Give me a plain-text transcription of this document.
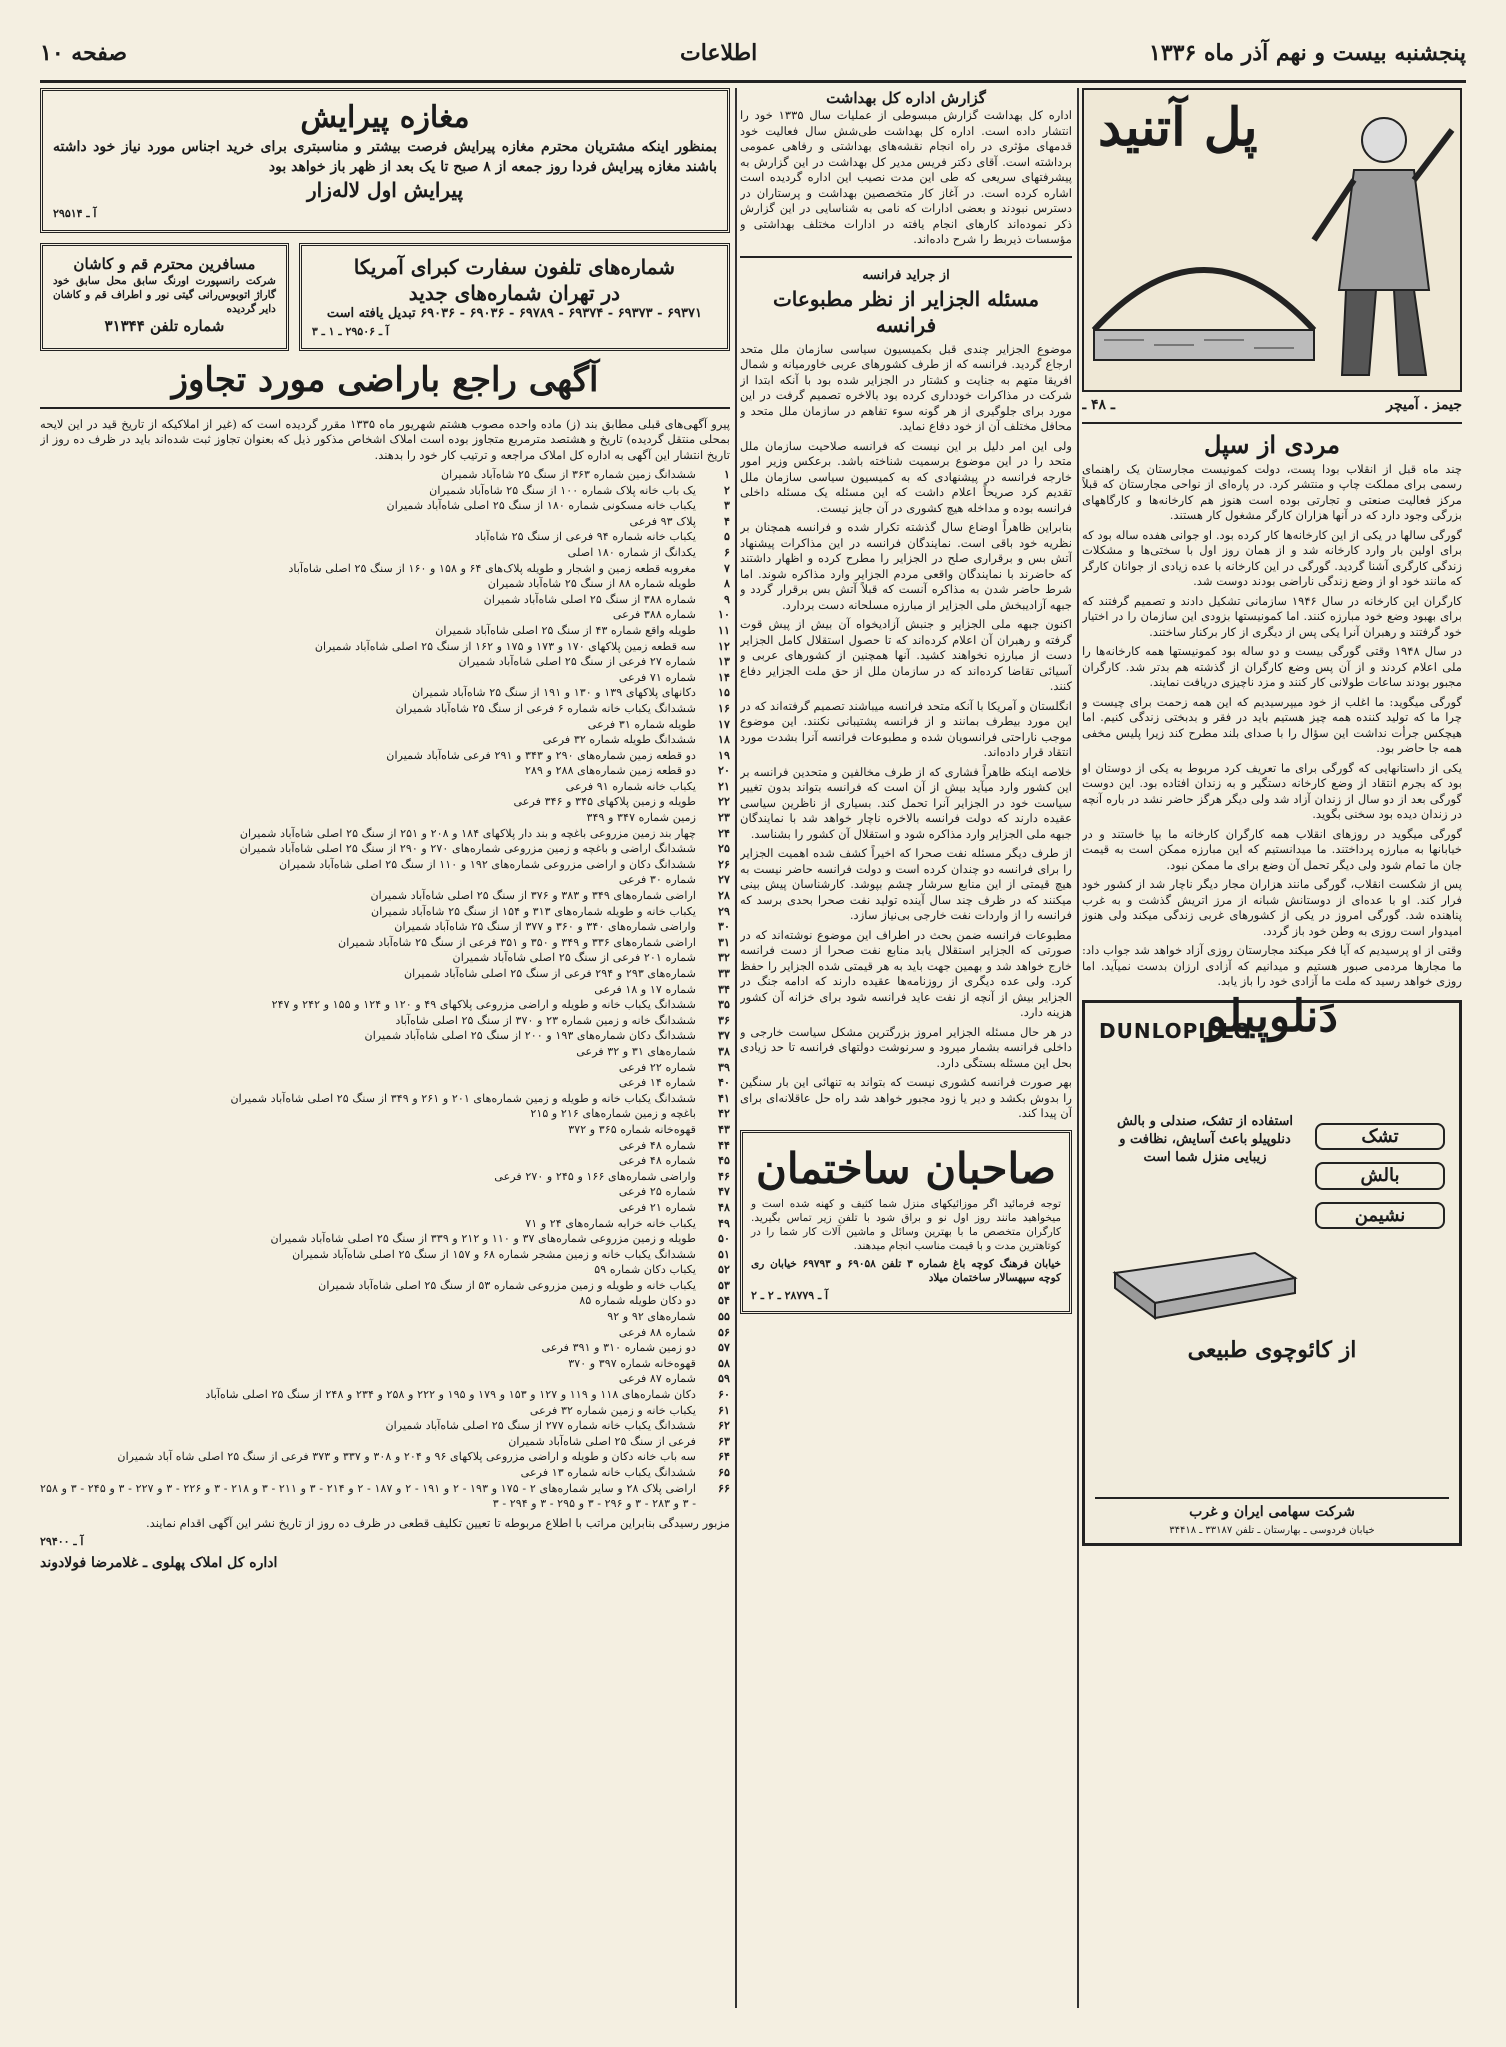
پنجشنبه بیست و نهم آذر ماه ۱۳۳۶
اطلاعات
صفحه ۱۰
مغازه پیرایش
بمنظور اینکه مشتریان محترم مغازه پیرایش فرصت بیشتر و مناسبتری برای خرید اجناس مورد نیاز خود داشته باشند مغازه پیرایش فردا روز جمعه از ۸ صبح تا یک بعد از ظهر باز خواهد بود
پیرایش اول لاله‌زار
آ ـ ۲۹۵۱۴
مسافرین محترم قم و کاشان
شرکت رانسپورت اورنگ سابق محل سابق خود گاراژ اتوبوس‌رانی گیتی نور و اطراف قم و کاشان دایر گردیده
شماره تلفن ۳۱۳۴۴
شماره‌های تلفون سفارت کبرای آمریکا
در تهران شماره‌های جدید
۶۹۳۷۱ - ۶۹۳۷۳ - ۶۹۳۷۴ - ۶۹۷۸۹ - ۶۹۰۳۶ - ۶۹۰۳۶ تبدیل یافته است
آ ـ ۲۹۵۰۶ ـ ۱ ـ ۳
آگهی راجع باراضی مورد تجاوز
پیرو آگهی‌های قبلی مطابق بند (ز) ماده واحده مصوب هشتم شهریور ماه ۱۳۳۵ مقرر گردیده است که (غیر از املاکیکه از تاریخ قید در این لایحه بمحلی منتقل گردیده) تاریخ و هشتصد مترمربع متجاوز بوده است املاک اشخاص مذکور ذیل که بعنوان تجاوز ثبت شده‌اند باید در ظرف ده روز از تاریخ انتشار این آگهی به اداره کل املاک مراجعه و ترتیب کار خود را بدهند.
۱
ششدانگ زمین شماره ۳۶۳ از سنگ ۲۵ شاه‌آباد شمیران
۲
یک باب خانه پلاک شماره ۱۰۰ از سنگ ۲۵ شاه‌آباد شمیران
۳
یکباب خانه مسکونی شماره ۱۸۰ از سنگ ۲۵ اصلی شاه‌آباد شمیران
۴
پلاک ۹۳ فرعی
۵
یکباب خانه شماره ۹۴ فرعی از سنگ ۲۵ شاه‌آباد
۶
یکدانگ از شماره ۱۸۰ اصلی
۷
مغروبه قطعه زمین و اشجار و طویله پلاک‌های ۶۴ و ۱۵۸ و ۱۶۰ از سنگ ۲۵ اصلی شاه‌آباد
۸
طویله شماره ۸۸ از سنگ ۲۵ شاه‌آباد شمیران
۹
شماره ۳۸۸ از سنگ ۲۵ اصلی شاه‌آباد شمیران
۱۰
شماره ۳۸۸ فرعی
۱۱
طویله واقع شماره ۴۳ از سنگ ۲۵ اصلی شاه‌آباد شمیران
۱۲
سه قطعه زمین پلاکهای ۱۷۰ و ۱۷۳ و ۱۷۵ و ۱۶۲ از سنگ ۲۵ اصلی شاه‌آباد شمیران
۱۳
شماره ۲۷ فرعی از سنگ ۲۵ اصلی شاه‌آباد شمیران
۱۴
شماره ۷۱ فرعی
۱۵
دکانهای پلاکهای ۱۳۹ و ۱۳۰ و ۱۹۱ از سنگ ۲۵ شاه‌آباد شمیران
۱۶
ششدانگ یکباب خانه شماره ۶ فرعی از سنگ ۲۵ شاه‌آباد شمیران
۱۷
طویله شماره ۳۱ فرعی
۱۸
ششدانگ طویله شماره ۳۲ فرعی
۱۹
دو قطعه زمین شماره‌های ۲۹۰ و ۳۴۳ و ۲۹۱ فرعی شاه‌آباد شمیران
۲۰
دو قطعه زمین شماره‌های ۲۸۸ و ۲۸۹
۲۱
یکباب خانه شماره ۹۱ فرعی
۲۲
طویله و زمین پلاکهای ۳۴۵ و ۳۴۶ فرعی
۲۳
زمین شماره ۳۴۷ و ۳۴۹
۲۴
چهار بند زمین مزروعی باغچه و بند دار پلاکهای ۱۸۴ و ۲۰۸ و ۲۵۱ از سنگ ۲۵ اصلی شاه‌آباد شمیران
۲۵
ششدانگ اراضی و باغچه و زمین مزروعی شماره‌های ۲۷۰ و ۲۹۰ از سنگ ۲۵ اصلی شاه‌آباد شمیران
۲۶
ششدانگ دکان و اراضی مزروعی شماره‌های ۱۹۲ و ۱۱۰ از سنگ ۲۵ اصلی شاه‌آباد شمیران
۲۷
شماره ۳۰ فرعی
۲۸
اراضی شماره‌های ۳۴۹ و ۳۸۳ و ۳۷۶ از سنگ ۲۵ اصلی شاه‌آباد شمیران
۲۹
یکباب خانه و طویله شماره‌های ۳۱۳ و ۱۵۴ از سنگ ۲۵ شاه‌آباد شمیران
۳۰
واراضی شماره‌های ۳۴۰ و ۳۶۰ و ۳۷۷ از سنگ ۲۵ شاه‌آباد شمیران
۳۱
اراضی شماره‌های ۳۳۶ و ۳۴۹ و ۳۵۰ و ۳۵۱ فرعی از سنگ ۲۵ شاه‌آباد شمیران
۳۲
شماره ۲۰۱ فرعی از سنگ ۲۵ اصلی شاه‌آباد شمیران
۳۳
شماره‌های ۲۹۳ و ۲۹۴ فرعی از سنگ ۲۵ اصلی شاه‌آباد شمیران
۳۴
شماره ۱۷ و ۱۸ فرعی
۳۵
ششدانگ یکباب خانه و طویله و اراضی مزروعی پلاکهای ۴۹ و ۱۲۰ و ۱۲۴ و ۱۵۵ و ۲۴۲ و ۲۴۷
۳۶
ششدانگ خانه و زمین شماره ۲۳ و ۳۷۰ از سنگ ۲۵ اصلی شاه‌آباد
۳۷
ششدانگ دکان شماره‌های ۱۹۳ و ۲۰۰ از سنگ ۲۵ اصلی شاه‌آباد شمیران
۳۸
شماره‌های ۳۱ و ۳۲ فرعی
۳۹
شماره ۲۲ فرعی
۴۰
شماره ۱۴ فرعی
۴۱
ششدانگ یکباب خانه و طویله و زمین شماره‌های ۲۰۱ و ۲۶۱ و ۳۴۹ از سنگ ۲۵ اصلی شاه‌آباد شمیران
۴۲
باغچه و زمین شماره‌های ۲۱۶ و ۲۱۵
۴۳
قهوه‌خانه شماره ۳۶۵ و ۳۷۲
۴۴
شماره ۴۸ فرعی
۴۵
شماره ۴۸ فرعی
۴۶
واراضی شماره‌های ۱۶۶ و ۲۴۵ و ۲۷۰ فرعی
۴۷
شماره ۲۵ فرعی
۴۸
شماره ۲۱ فرعی
۴۹
یکباب خانه خرابه شماره‌های ۲۴ و ۷۱
۵۰
طویله و زمین مزروعی شماره‌های ۳۷ و ۱۱۰ و ۲۱۲ و ۳۳۹ از سنگ ۲۵ اصلی شاه‌آباد شمیران
۵۱
ششدانگ یکباب خانه و زمین مشجر شماره ۶۸ و ۱۵۷ از سنگ ۲۵ اصلی شاه‌آباد شمیران
۵۲
یکباب دکان شماره ۵۹
۵۳
یکباب خانه و طویله و زمین مزروعی شماره ۵۳ از سنگ ۲۵ اصلی شاه‌آباد شمیران
۵۴
دو دکان طویله شماره ۸۵
۵۵
شماره‌های ۹۲ و ۹۲
۵۶
شماره ۸۸ فرعی
۵۷
دو زمین شماره ۳۱۰ و ۳۹۱ فرعی
۵۸
قهوه‌خانه شماره ۳۹۷ و ۳۷۰
۵۹
شماره ۸۷ فرعی
۶۰
دکان شماره‌های ۱۱۸ و ۱۱۹ و ۱۲۷ و ۱۵۳ و ۱۷۹ و ۱۹۵ و ۲۲۲ و ۲۵۸ و ۲۳۴ و ۲۴۸ از سنگ ۲۵ اصلی شاه‌آباد
۶۱
یکباب خانه و زمین شماره ۳۲ فرعی
۶۲
ششدانگ یکباب خانه شماره ۲۷۷ از سنگ ۲۵ اصلی شاه‌آباد شمیران
۶۳
فرعی از سنگ ۲۵ اصلی شاه‌آباد شمیران
۶۴
سه باب خانه دکان و طویله و اراضی مزروعی پلاکهای ۹۶ و ۲۰۴ و ۳۰۸ و ۳۳۷ و ۳۷۳ فرعی از سنگ ۲۵ اصلی شاه آباد شمیران
۶۵
ششدانگ یکباب خانه شماره ۱۳ فرعی
۶۶
اراضی پلاک ۲۸ و سایر شماره‌های ۲ - ۱۷۵ و ۱۹۳ - ۲ و ۱۹۱ - ۲ و ۱۸۷ - ۲ و ۲۱۴ - ۳ و ۲۱۱ - ۳ و ۲۱۸ - ۳ و ۲۲۶ - ۳ و ۲۲۷ - ۳ و ۲۴۵ - ۳ و ۲۵۸ - ۳ و ۲۸۳ - ۳ و ۲۹۶ - ۳ و ۲۹۵ - ۳ و ۲۹۴ - ۳
مزبور رسیدگی بنابراین مراتب با اطلاع مربوطه تا تعیین تکلیف قطعی در ظرف ده روز از تاریخ نشر این آگهی اقدام نمایند.
آ ـ ۲۹۴۰۰
اداره کل املاک پهلوی ـ غلامرضا فولادوند
گزارش اداره کل بهداشت
اداره کل بهداشت گزارش مبسوطی از عملیات سال ۱۳۳۵ خود را انتشار داده است. اداره کل بهداشت طی‌شش سال فعالیت خود قدمهای مؤثری در راه انجام نقشه‌های بهداشتی و رفاهی عمومی برداشته است. آقای دکتر فریس مدیر کل بهداشت در این گزارش به پیشرفتهای سریعی که طی این مدت نصیب این اداره گردیده است اشاره کرده است. در آغاز کار متخصصین بهداشت و پرستاران در دسترس نبودند و بعضی ادارات که نامی به شناسایی در این گزارش ذکر نموده‌اند کارهای انجام یافته در ادارات مختلف بهداشتی و مؤسسات ذیربط را شرح داده‌اند.
از جراید فرانسه
مسئله الجزایر از نظر مطبوعات فرانسه
موضوع الجزایر چندی قبل بکمیسیون سیاسی سازمان ملل متحد ارجاع گردید. فرانسه که از طرف کشورهای عربی خاورمیانه و شمال افریقا متهم به جنایت و کشتار در الجزایر شده بود با آنکه ابتدا از شرکت در مذاکرات خودداری کرده بود بالاخره تصمیم گرفت در این مورد برای جلوگیری از هر گونه سوء تفاهم در سازمان ملل متحد و محافل مختلف آن از خود دفاع نماید.
ولی این امر دلیل بر این نیست که فرانسه صلاحیت سازمان ملل متحد را در این موضوع برسمیت شناخته باشد. برعکس وزیر امور خارجه فرانسه در پیشنهادی که به کمیسیون سیاسی سازمان ملل تقدیم کرد صریحاً اعلام داشت که این مسئله یک مسئله داخلی فرانسه بوده و مداخله هیچ کشوری در آن جایز نیست.
بنابراین ظاهراً اوضاع سال گذشته تکرار شده و فرانسه همچنان بر نظریه خود باقی است. نمایندگان فرانسه در این مذاکرات پیشنهاد آتش بس و برقراری صلح در الجزایر را مطرح کرده و اظهار داشتند که حاضرند با نمایندگان واقعی مردم الجزایر وارد مذاکره شوند. اما شرط حاضر شدن به مذاکره آنست که قبلاً آتش بس برقرار گردد و جبهه آزادیبخش ملی الجزایر از مبارزه مسلحانه دست بردارد.
اکنون جبهه ملی الجزایر و جنبش آزادیخواه آن بیش از پیش قوت گرفته و رهبران آن اعلام کرده‌اند که تا حصول استقلال کامل الجزایر دست از مبارزه نخواهند کشید. آنها همچنین از کشورهای عربی و آسیائی تقاضا کرده‌اند که در سازمان ملل از حق ملت الجزایر دفاع کنند.
انگلستان و آمریکا با آنکه متحد فرانسه میباشند تصمیم گرفته‌اند که در این مورد بیطرف بمانند و از فرانسه پشتیبانی نکنند. این موضوع موجب ناراحتی فرانسویان شده و مطبوعات فرانسه آنرا بشدت مورد انتقاد قرار داده‌اند.
خلاصه اینکه ظاهراً فشاری که از طرف مخالفین و متحدین فرانسه بر این کشور وارد میآید بیش از آن است که فرانسه بتواند بدون تغییر سیاست خود در الجزایر آنرا تحمل کند. بسیاری از ناظرین سیاسی عقیده دارند که دولت فرانسه بالاخره ناچار خواهد شد با نمایندگان جبهه ملی الجزایر وارد مذاکره شود و استقلال آن کشور را بشناسد.
از طرف دیگر مسئله نفت صحرا که اخیراً کشف شده اهمیت الجزایر را برای فرانسه دو چندان کرده است و دولت فرانسه حاضر نیست به هیچ قیمتی از این منابع سرشار چشم بپوشد. کارشناسان پیش بینی میکنند که در ظرف چند سال آینده تولید نفت صحرا بحدی برسد که فرانسه را از واردات نفت خارجی بی‌نیاز سازد.
مطبوعات فرانسه ضمن بحث در اطراف این موضوع نوشته‌اند که در صورتی که الجزایر استقلال یابد منابع نفت صحرا از دست فرانسه خارج خواهد شد و بهمین جهت باید به هر قیمتی شده الجزایر را حفظ کرد. ولی عده دیگری از روزنامه‌ها عقیده دارند که ادامه جنگ در الجزایر بیش از آنچه از نفت عاید فرانسه شود برای خزانه آن کشور هزینه دارد.
در هر حال مسئله الجزایر امروز بزرگترین مشکل سیاست خارجی و داخلی فرانسه بشمار میرود و سرنوشت دولتهای فرانسه تا حد زیادی بحل این مسئله بستگی دارد.
بهر صورت فرانسه کشوری نیست که بتواند به تنهائی این بار سنگین را بدوش بکشد و دیر یا زود مجبور خواهد شد راه حل عاقلانه‌ای برای آن پیدا کند.
صاحبان ساختمان
توجه فرمائید اگر موزائیکهای منزل شما کثیف و کهنه شده است و میخواهید مانند روز اول نو و براق شود با تلفن زیر تماس بگیرید. کارگران متخصص ما با بهترین وسائل و ماشین آلات کار شما را در کوتاهترین مدت و با قیمت مناسب انجام میدهند.
خیابان فرهنگ کوچه باغ شماره ۳ تلفن ۶۹۰۵۸ و ۶۹۷۹۳ خیابان ری کوچه سپهسالار ساختمان میلاد
آ ـ ۲۸۷۷۹ ـ ۲ ـ ۲
پل آتنید
جیمز . آمیچر
ـ ۴۸ ـ
مردی از سپل
چند ماه قبل از انقلاب بودا پست، دولت کمونیست مجارستان یک راهنمای رسمی برای مملکت چاپ و منتشر کرد. در پاره‌ای از نواحی مجارستان که قبلاً مرکز فعالیت صنعتی و تجارتی بوده است هنوز هم کارخانه‌ها و کارگاههای بزرگی وجود دارد که در آنها هزاران کارگر مشغول کار هستند.
گورگی سالها در یکی از این کارخانه‌ها کار کرده بود. او جوانی هفده ساله بود که برای اولین بار وارد کارخانه شد و از همان روز اول با سختی‌ها و مشکلات زندگی کارگری آشنا گردید. گورگی در این کارخانه با عده زیادی از جوانان کارگر که مانند خود او از وضع زندگی ناراضی بودند دوست شد.
کارگران این کارخانه در سال ۱۹۴۶ سازمانی تشکیل دادند و تصمیم گرفتند که برای بهبود وضع خود مبارزه کنند. اما کمونیستها بزودی این سازمان را در اختیار خود گرفتند و رهبران آنرا یکی پس از دیگری از کار برکنار ساختند.
در سال ۱۹۴۸ وقتی گورگی بیست و دو ساله بود کمونیستها همه کارخانه‌ها را ملی اعلام کردند و از آن پس وضع کارگران از گذشته هم بدتر شد. کارگران مجبور بودند ساعات طولانی کار کنند و مزد ناچیزی دریافت نمایند.
گورگی میگوید: ما اغلب از خود میپرسیدیم که این همه زحمت برای چیست و چرا ما که تولید کننده همه چیز هستیم باید در فقر و بدبختی زندگی کنیم. اما هیچکس جرأت نداشت این سؤال را با صدای بلند مطرح کند زیرا پلیس مخفی همه جا حاضر بود.
یکی از داستانهایی که گورگی برای ما تعریف کرد مربوط به یکی از دوستان او بود که بجرم انتقاد از وضع کارخانه دستگیر و به زندان افتاده بود. این دوست گورگی بعد از دو سال از زندان آزاد شد ولی دیگر هرگز حاضر نشد در باره آنچه در زندان دیده بود سخنی بگوید.
گورگی میگوید در روزهای انقلاب همه کارگران کارخانه ما بپا خاستند و در خیابانها به مبارزه پرداختند. ما میدانستیم که این مبارزه ممکن است به قیمت جان ما تمام شود ولی دیگر تحمل آن وضع برای ما ممکن نبود.
پس از شکست انقلاب، گورگی مانند هزاران مجار دیگر ناچار شد از کشور خود فرار کند. او با عده‌ای از دوستانش شبانه از مرز اتریش گذشت و به غرب پناهنده شد. گورگی امروز در یکی از کشورهای غربی زندگی میکند ولی هنوز امیدوار است روزی به وطن خود باز گردد.
وقتی از او پرسیدیم که آیا فکر میکند مجارستان روزی آزاد خواهد شد جواب داد: ما مجارها مردمی صبور هستیم و میدانیم که آزادی ارزان بدست نمیآید. اما روزی خواهد رسید که ملت ما آزادی خود را باز یابد.
دَنلوپیلو
DUNLOPILLO
تشک
بالش
نشیمن
استفاده از تشک، صندلی و بالش دنلوپیلو باعث آسایش، نظافت و زیبایی منزل شما است
از کائوچوی طبیعی
شرکت سهامی ایران و غرب
خیابان فردوسی ـ بهارستان ـ تلفن ۳۳۱۸۷ ـ ۳۴۴۱۸
